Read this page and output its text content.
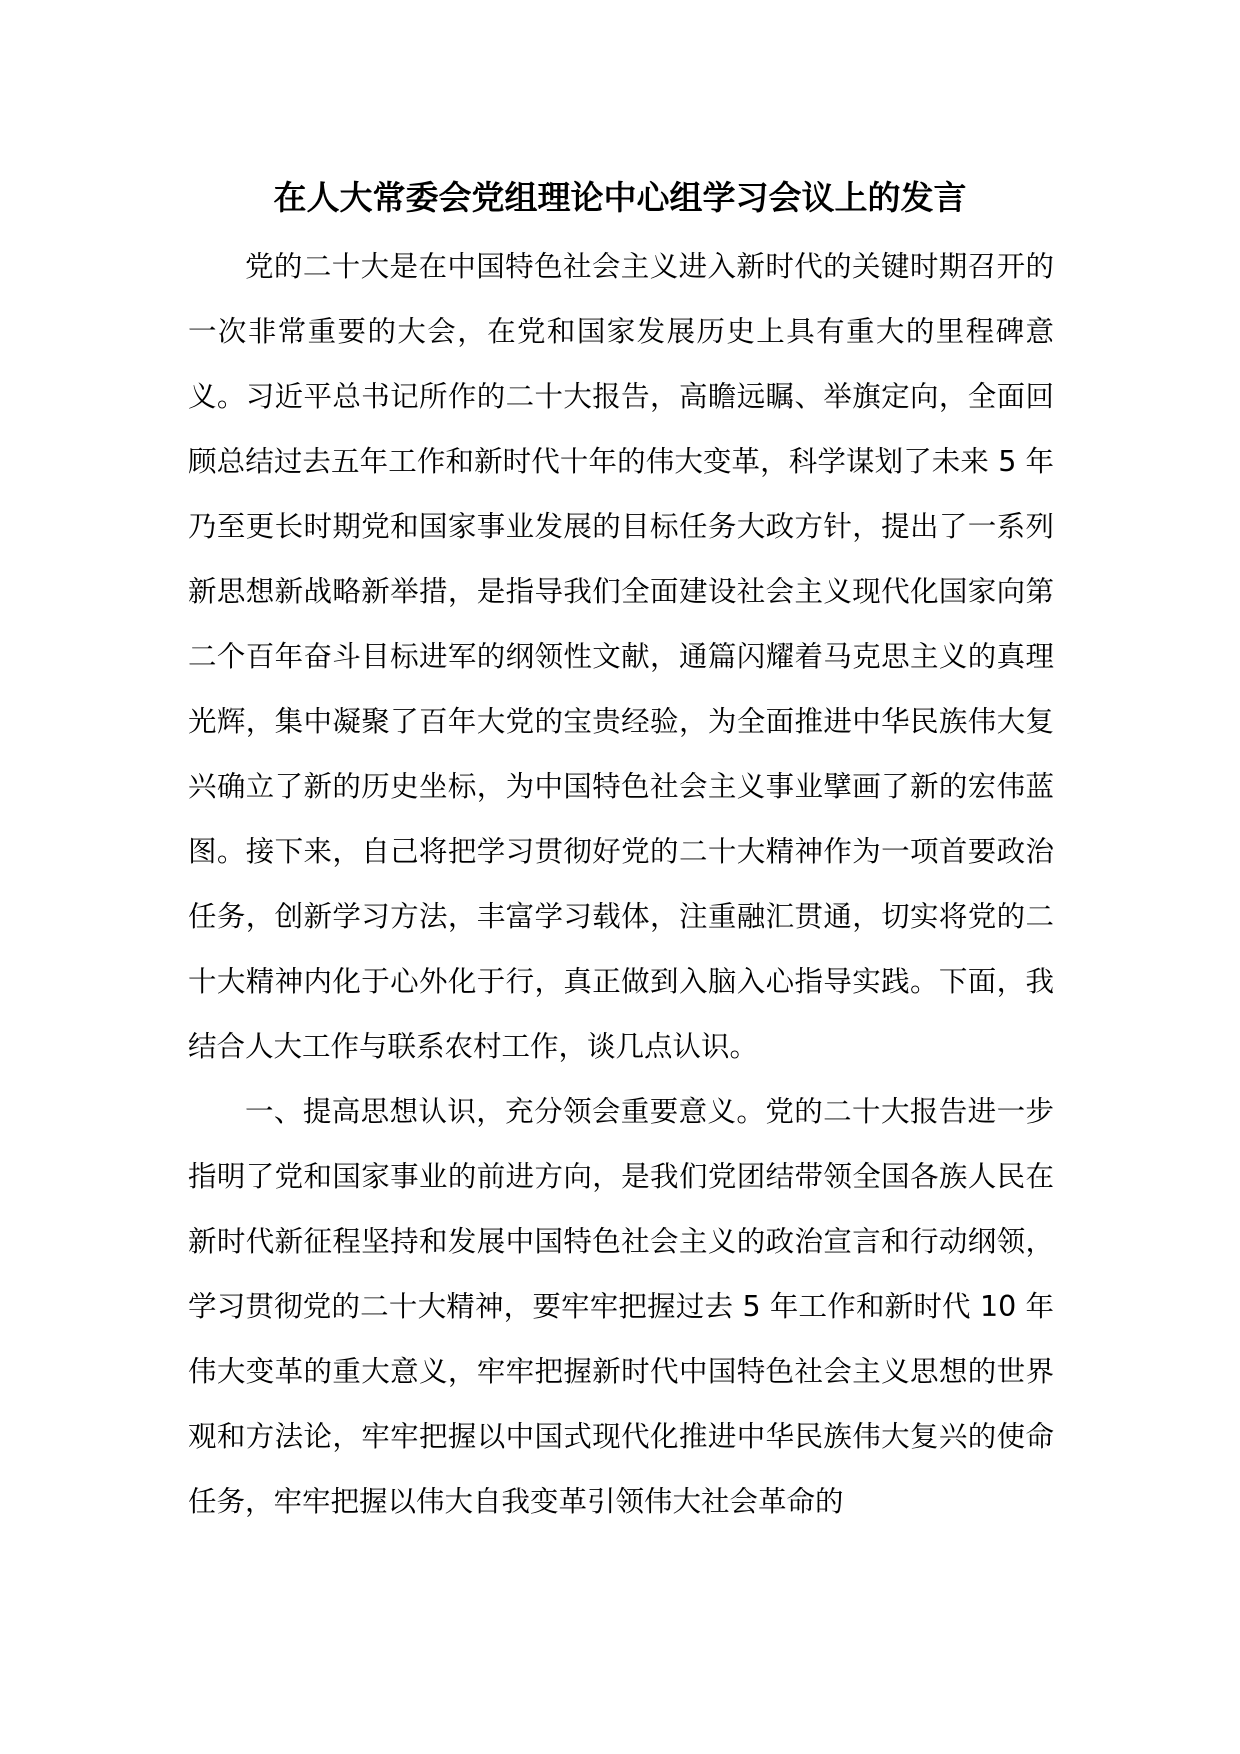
在人大常委会党组理论中心组学习会议上的发言

党的二十大是在中国特色社会主义进入新时代的关键时期召开的一次非常重要的大会，在党和国家发展历史上具有重大的里程碑意义。习近平总书记所作的二十大报告，高瞻远瞩、举旗定向，全面回顾总结过去五年工作和新时代十年的伟大变革，科学谋划了未来 5 年乃至更长时期党和国家事业发展的目标任务大政方针，提出了一系列新思想新战略新举措，是指导我们全面建设社会主义现代化国家向第二个百年奋斗目标进军的纲领性文献，通篇闪耀着马克思主义的真理光辉，集中凝聚了百年大党的宝贵经验，为全面推进中华民族伟大复兴确立了新的历史坐标，为中国特色社会主义事业擘画了新的宏伟蓝图。接下来，自己将把学习贯彻好党的二十大精神作为一项首要政治任务，创新学习方法，丰富学习载体，注重融汇贯通，切实将党的二十大精神内化于心外化于行，真正做到入脑入心指导实践。下面，我结合人大工作与联系农村工作，谈几点认识。

一、提高思想认识，充分领会重要意义。党的二十大报告进一步指明了党和国家事业的前进方向，是我们党团结带领全国各族人民在新时代新征程坚持和发展中国特色社会主义的政治宣言和行动纲领，学习贯彻党的二十大精神，要牢牢把握过去 5 年工作和新时代 10 年伟大变革的重大意义，牢牢把握新时代中国特色社会主义思想的世界观和方法论，牢牢把握以中国式现代化推进中华民族伟大复兴的使命任务，牢牢把握以伟大自我变革引领伟大社会革命的
